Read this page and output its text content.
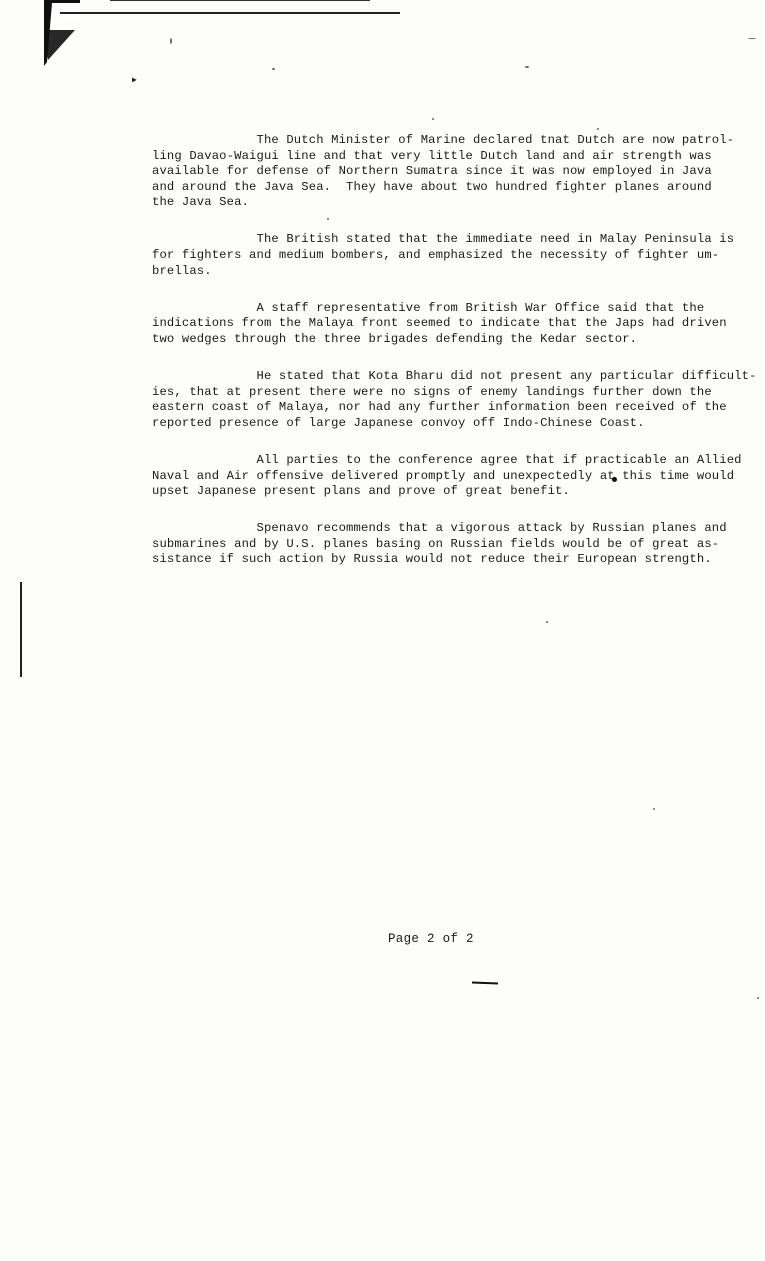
▶

The Dutch Minister of Marine declared tnat Dutch are now patrol-
ling Davao-Waigui line and that very little Dutch land and air strength was
available for defense of Northern Sumatra since it was now employed in Java
and around the Java Sea.  They have about two hundred fighter planes around
the Java Sea.

The British stated that the immediate need in Malay Peninsula is
for fighters and medium bombers, and emphasized the necessity of fighter um-
brellas.

A staff representative from British War Office said that the
indications from the Malaya front seemed to indicate that the Japs had driven
two wedges through the three brigades defending the Kedar sector.

He stated that Kota Bharu did not present any particular difficult-
ies, that at present there were no signs of enemy landings further down the
eastern coast of Malaya, nor had any further information been received of the
reported presence of large Japanese convoy off Indo-Chinese Coast.

All parties to the conference agree that if practicable an Allied
Naval and Air offensive delivered promptly and unexpectedly at this time would
upset Japanese present plans and prove of great benefit.

Spenavo recommends that a vigorous attack by Russian planes and
submarines and by U.S. planes basing on Russian fields would be of great as-
sistance if such action by Russia would not reduce their European strength.

Page 2 of 2
